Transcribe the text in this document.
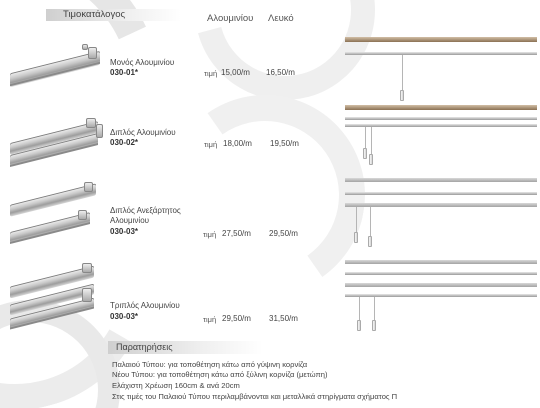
Τιμοκατάλογος	Αλουμινίου Λευκό
Μονός Αλουμινίου
030-01*	τιμή 15,00/m 16,50/m
Διπλός Αλουμινίου
030-02*	τιμή 18,00/m 19,50/m
Διπλός Ανεξάρτητος
Αλουμινίου
030-03*	τιμή 27,50/m 29,50/m
Τριπλός Αλουμινίου
030-03*	τιμή 29,50/m 31,50/m
Παρατηρήσεις
Παλαιού Τύπου: για τοποθέτηση κάτω από γύψινη κορνίζα
Νέου Τύπου: για τοποθέτηση κάτω από ξύλινη κορνίζα (μετώπη)
Ελάχιστη Χρέωση 160cm & ανά 20cm
Στις τιμές του Παλαιού Τύπου περιλαμβάνονται και μεταλλικά στηρίγματα σχήματος Π
